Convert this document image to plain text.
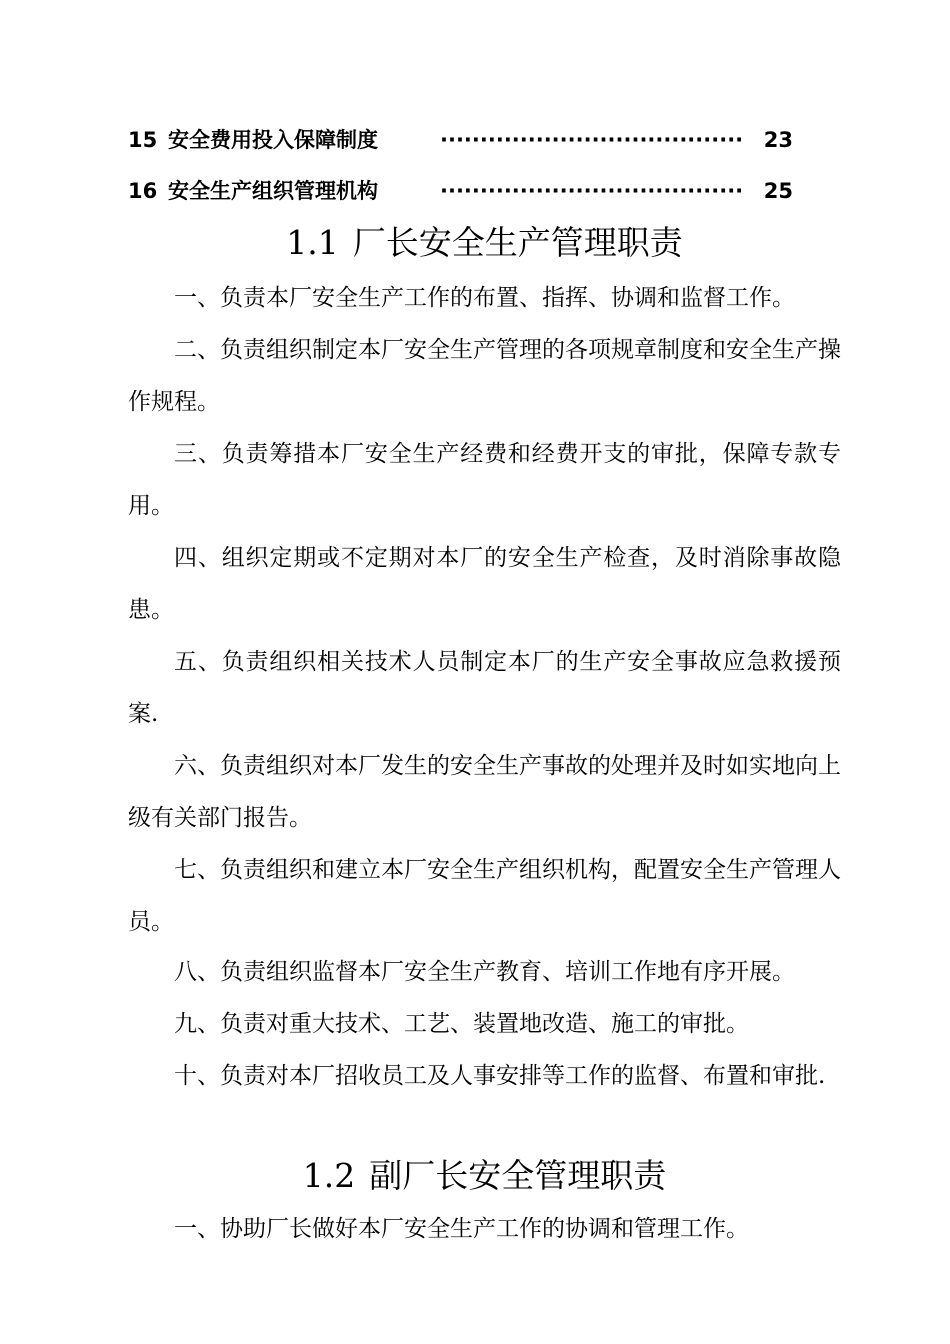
15 安全费用投入保障制度	······································ 23
16 安全生产组织管理机构	······································ 25
1.1 厂长安全生产管理职责
一、负责本厂安全生产工作的布置、指挥、协调和监督工作。
二、负责组织制定本厂安全生产管理的各项规章制度和安全生产操作规程。
三、负责筹措本厂安全生产经费和经费开支的审批，保障专款专用。
四、组织定期或不定期对本厂的安全生产检查，及时消除事故隐患。
五、负责组织相关技术人员制定本厂的生产安全事故应急救援预案.
六、负责组织对本厂发生的安全生产事故的处理并及时如实地向上级有关部门报告。
七、负责组织和建立本厂安全生产组织机构，配置安全生产管理人员。
八、负责组织监督本厂安全生产教育、培训工作地有序开展。
九、负责对重大技术、工艺、装置地改造、施工的审批。
十、负责对本厂招收员工及人事安排等工作的监督、布置和审批.
1.2 副厂长安全管理职责
一、协助厂长做好本厂安全生产工作的协调和管理工作。
